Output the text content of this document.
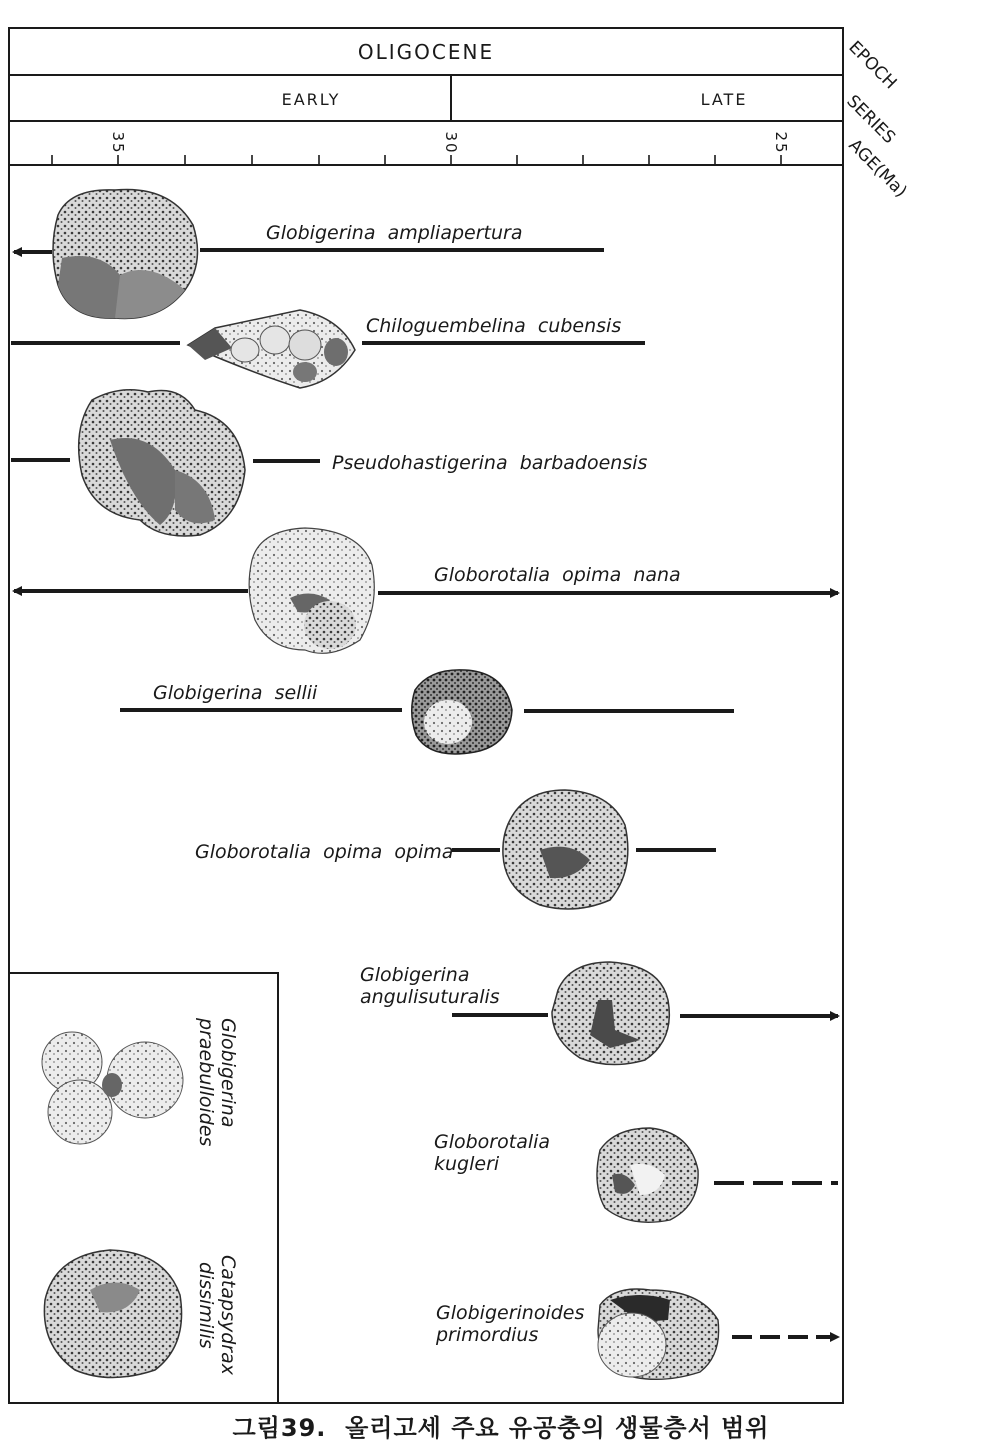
OLIGOCENE
EARLY	LATE
35	30	25
EPOCH
SERIES
AGE(Ma)
Globigerina  ampliapertura
Chiloguembelina  cubensis
Pseudohastigerina  barbadoensis
Globorotalia  opima  nana
Globigerina  sellii
Globorotalia  opima  opima
Globigerina
angulisuturalis
Globorotalia
kugleri
Globigerinoides
primordius
Globigerina
praebulloides
Catapsydrax
dissimilis
그림39.  올리고세 주요 유공충의 생물층서 범위
